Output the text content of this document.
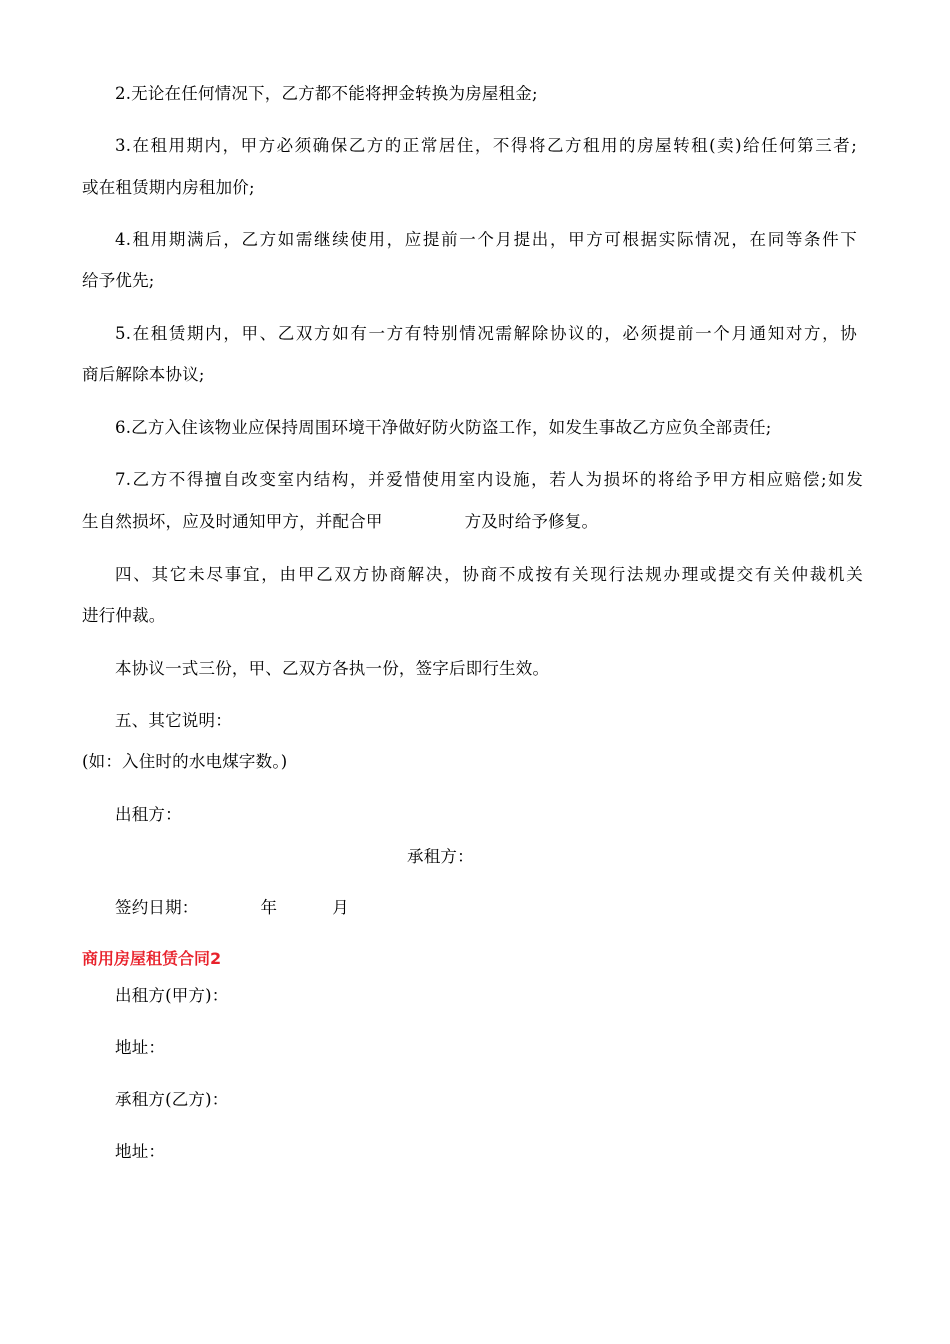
2.无论在任何情况下，乙方都不能将押金转换为房屋租金;
3.在租用期内，甲方必须确保乙方的正常居住，不得将乙方租用的房屋转租(卖)给任何第三者;
或在租赁期内房租加价;
4.租用期满后，乙方如需继续使用，应提前一个月提出，甲方可根据实际情况，在同等条件下
给予优先;
5.在租赁期内，甲、乙双方如有一方有特别情况需解除协议的，必须提前一个月通知对方，协
商后解除本协议;
6.乙方入住该物业应保持周围环境干净做好防火防盗工作，如发生事故乙方应负全部责任;
7.乙方不得擅自改变室内结构，并爱惜使用室内设施，若人为损坏的将给予甲方相应赔偿;如发
生自然损坏，应及时通知甲方，并配合甲	方及时给予修复。
四、其它未尽事宜，由甲乙双方协商解决，协商不成按有关现行法规办理或提交有关仲裁机关
进行仲裁。
本协议一式三份，甲、乙双方各执一份，签字后即行生效。
五、其它说明：
(如：入住时的水电煤字数。)
出租方：
承租方：
签约日期：	年	月
商用房屋租赁合同2
出租方(甲方)：
地址：
承租方(乙方)：
地址：
